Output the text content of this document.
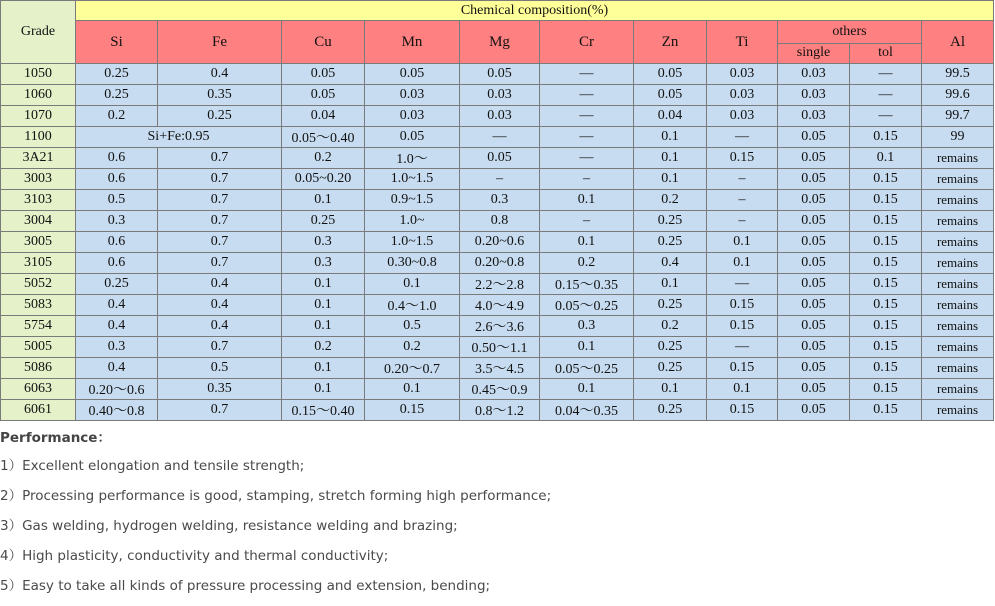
Grade	Chemical composition(%)										
	Si	Fe	Cu	Mn	Mg	Cr	Zn	Ti	others		Al
									single	tol	
1050	0.25	0.4	0.05	0.05	0.05	—	0.05	0.03	0.03	—	99.5
1060	0.25	0.35	0.05	0.03	0.03	—	0.05	0.03	0.03	—	99.6
1070	0.2	0.25	0.04	0.03	0.03	—	0.04	0.03	0.03	—	99.7
1100	Si+Fe:0.95		0.05～0.40	0.05	—	—	0.1	—	0.05	0.15	99
3A21	0.6	0.7	0.2	1.0～	0.05	—	0.1	0.15	0.05	0.1	remains
3003	0.6	0.7	0.05~0.20	1.0~1.5	–	–	0.1	–	0.05	0.15	remains
3103	0.5	0.7	0.1	0.9~1.5	0.3	0.1	0.2	–	0.05	0.15	remains
3004	0.3	0.7	0.25	1.0~	0.8	–	0.25	–	0.05	0.15	remains
3005	0.6	0.7	0.3	1.0~1.5	0.20~0.6	0.1	0.25	0.1	0.05	0.15	remains
3105	0.6	0.7	0.3	0.30~0.8	0.20~0.8	0.2	0.4	0.1	0.05	0.15	remains
5052	0.25	0.4	0.1	0.1	2.2～2.8	0.15～0.35	0.1	—	0.05	0.15	remains
5083	0.4	0.4	0.1	0.4～1.0	4.0～4.9	0.05～0.25	0.25	0.15	0.05	0.15	remains
5754	0.4	0.4	0.1	0.5	2.6～3.6	0.3	0.2	0.15	0.05	0.15	remains
5005	0.3	0.7	0.2	0.2	0.50～1.1	0.1	0.25	—	0.05	0.15	remains
5086	0.4	0.5	0.1	0.20～0.7	3.5～4.5	0.05～0.25	0.25	0.15	0.05	0.15	remains
6063	0.20～0.6	0.35	0.1	0.1	0.45～0.9	0.1	0.1	0.1	0.05	0.15	remains
6061	0.40～0.8	0.7	0.15～0.40	0.15	0.8～1.2	0.04～0.35	0.25	0.15	0.05	0.15	remains
Performance：
1）Excellent elongation and tensile strength;
2）Processing performance is good, stamping, stretch forming high performance;
3）Gas welding, hydrogen welding, resistance welding and brazing;
4）High plasticity, conductivity and thermal conductivity;
5）Easy to take all kinds of pressure processing and extension, bending;
